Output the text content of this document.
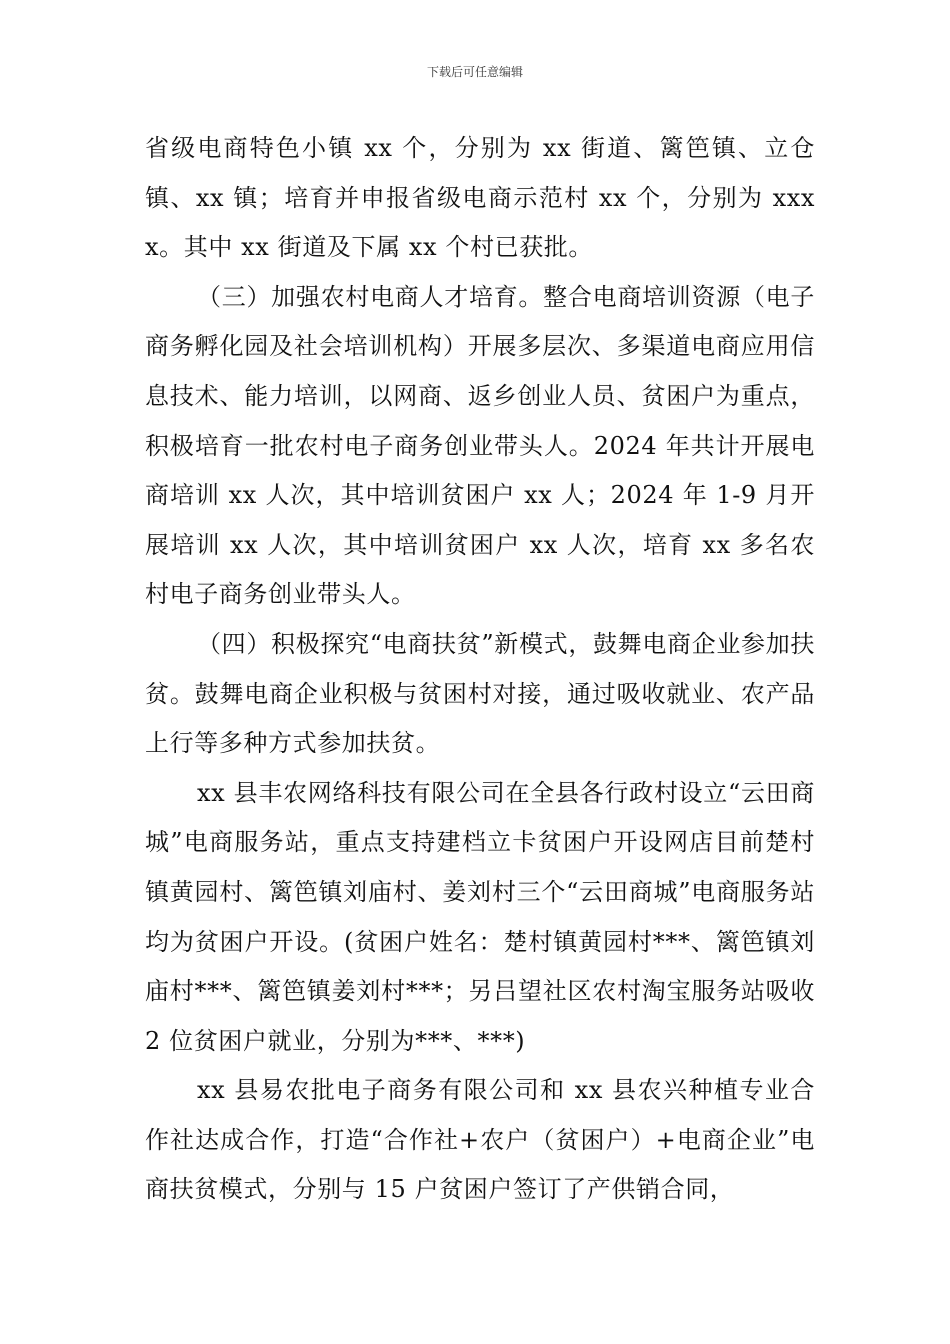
下载后可任意编辑

省级电商特色小镇 xx 个，分别为 xx 街道、篱笆镇、立仓镇、xx 镇；培育并申报省级电商示范村 xx 个，分别为 xxxx。其中 xx 街道及下属 xx 个村已获批。

（三）加强农村电商人才培育。整合电商培训资源（电子商务孵化园及社会培训机构）开展多层次、多渠道电商应用信息技术、能力培训，以网商、返乡创业人员、贫困户为重点，积极培育一批农村电子商务创业带头人。2024 年共计开展电商培训 xx 人次，其中培训贫困户 xx 人；2024 年 1-9 月开展培训 xx 人次，其中培训贫困户 xx 人次，培育 xx 多名农村电子商务创业带头人。

（四）积极探究“电商扶贫”新模式，鼓舞电商企业参加扶贫。鼓舞电商企业积极与贫困村对接，通过吸收就业、农产品上行等多种方式参加扶贫。

xx 县丰农网络科技有限公司在全县各行政村设立“云田商城”电商服务站，重点支持建档立卡贫困户开设网店目前楚村镇黄园村、篱笆镇刘庙村、姜刘村三个“云田商城”电商服务站均为贫困户开设。(贫困户姓名：楚村镇黄园村***、篱笆镇刘庙村***、篱笆镇姜刘村***；另吕望社区农村淘宝服务站吸收 2 位贫困户就业，分别为***、***)

xx 县易农批电子商务有限公司和 xx 县农兴种植专业合作社达成合作，打造“合作社+农户（贫困户）+电商企业”电商扶贫模式，分别与 15 户贫困户签订了产供销合同，
